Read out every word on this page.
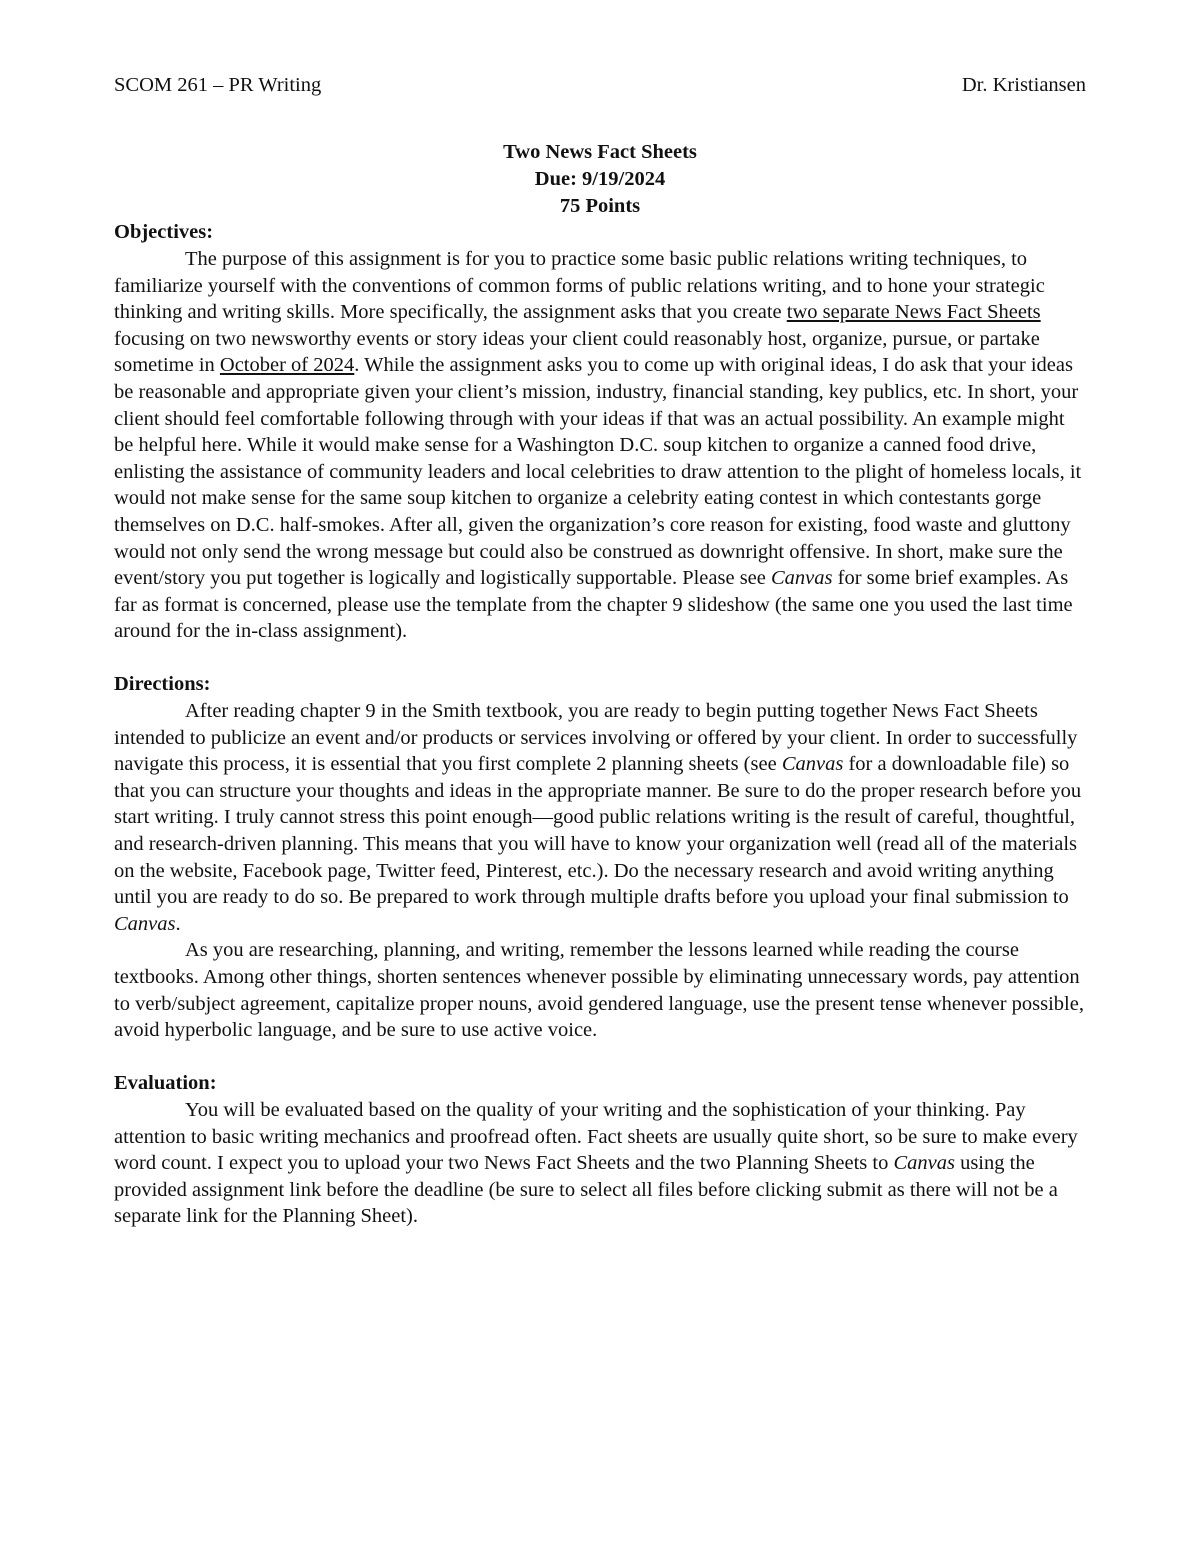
SCOM 261 – PR Writing	Dr. Kristiansen
Two News Fact Sheets
Due: 9/19/2024
75 Points

Objectives:

The purpose of this assignment is for you to practice some basic public relations writing techniques, to familiarize yourself with the conventions of common forms of public relations writing, and to hone your strategic thinking and writing skills. More specifically, the assignment asks that you create two separate News Fact Sheets focusing on two newsworthy events or story ideas your client could reasonably host, organize, pursue, or partake sometime in October of 2024. While the assignment asks you to come up with original ideas, I do ask that your ideas be reasonable and appropriate given your client’s mission, industry, financial standing, key publics, etc. In short, your client should feel comfortable following through with your ideas if that was an actual possibility. An example might be helpful here. While it would make sense for a Washington D.C. soup kitchen to organize a canned food drive, enlisting the assistance of community leaders and local celebrities to draw attention to the plight of homeless locals, it would not make sense for the same soup kitchen to organize a celebrity eating contest in which contestants gorge themselves on D.C. half-smokes. After all, given the organization’s core reason for existing, food waste and gluttony would not only send the wrong message but could also be construed as downright offensive. In short, make sure the event/story you put together is logically and logistically supportable. Please see Canvas for some brief examples. As far as format is concerned, please use the template from the chapter 9 slideshow (the same one you used the last time around for the in-class assignment).

Directions:

After reading chapter 9 in the Smith textbook, you are ready to begin putting together News Fact Sheets intended to publicize an event and/or products or services involving or offered by your client. In order to successfully navigate this process, it is essential that you first complete 2 planning sheets (see Canvas for a downloadable file) so that you can structure your thoughts and ideas in the appropriate manner. Be sure to do the proper research before you start writing. I truly cannot stress this point enough—good public relations writing is the result of careful, thoughtful, and research-driven planning. This means that you will have to know your organization well (read all of the materials on the website, Facebook page, Twitter feed, Pinterest, etc.). Do the necessary research and avoid writing anything until you are ready to do so. Be prepared to work through multiple drafts before you upload your final submission to Canvas.

As you are researching, planning, and writing, remember the lessons learned while reading the course textbooks. Among other things, shorten sentences whenever possible by eliminating unnecessary words, pay attention to verb/subject agreement, capitalize proper nouns, avoid gendered language, use the present tense whenever possible, avoid hyperbolic language, and be sure to use active voice.

Evaluation:

You will be evaluated based on the quality of your writing and the sophistication of your thinking. Pay attention to basic writing mechanics and proofread often. Fact sheets are usually quite short, so be sure to make every word count. I expect you to upload your two News Fact Sheets and the two Planning Sheets to Canvas using the provided assignment link before the deadline (be sure to select all files before clicking submit as there will not be a separate link for the Planning Sheet).
